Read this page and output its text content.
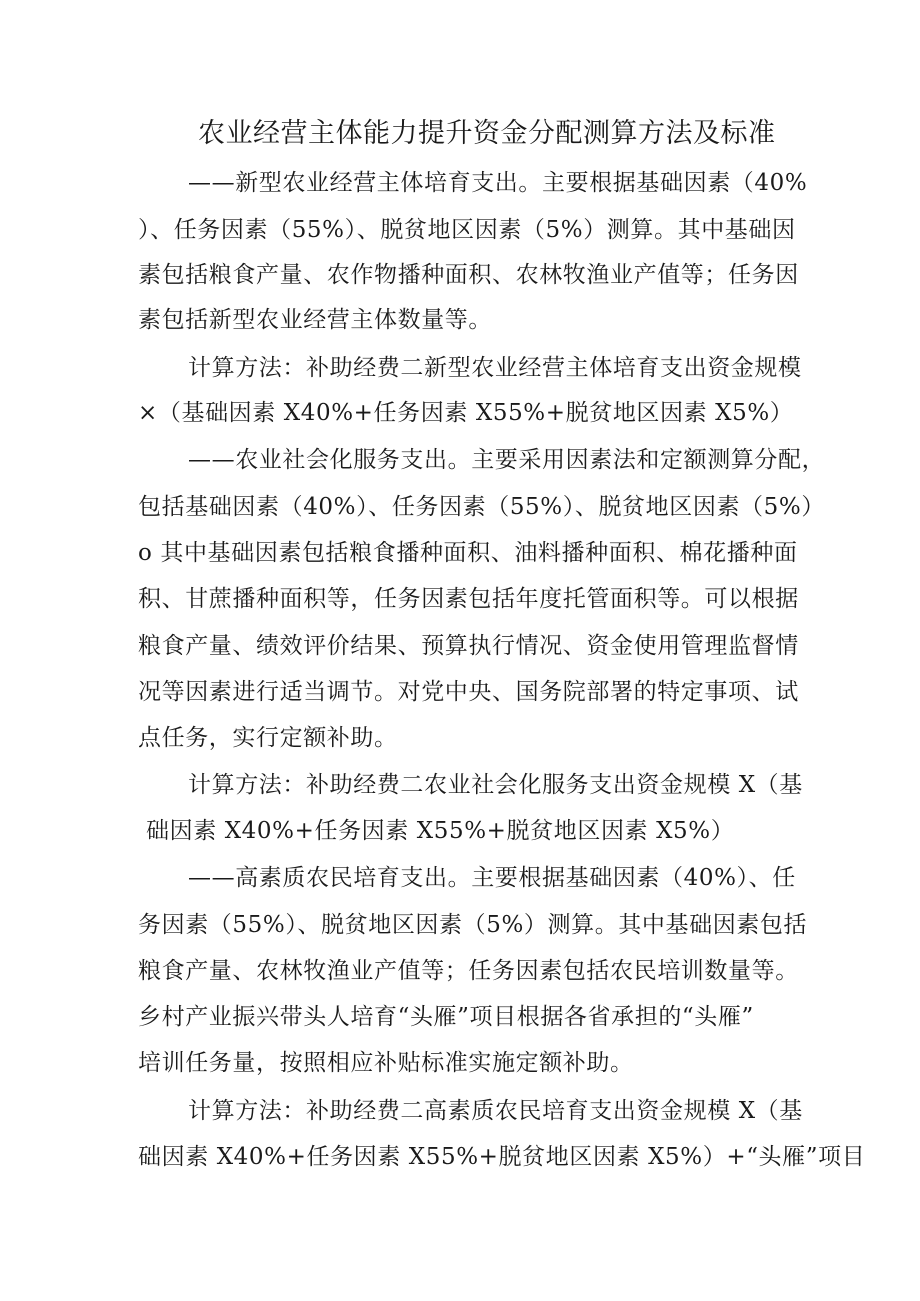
农业经营主体能力提升资金分配测算方法及标准
——新型农业经营主体培育支出。主要根据基础因素（40%
）、任务因素（55%）、脱贫地区因素（5%）测算。其中基础因
素包括粮食产量、农作物播种面积、农林牧渔业产值等；任务因
素包括新型农业经营主体数量等。
计算方法：补助经费二新型农业经营主体培育支出资金规模
×（基础因素 X40%+任务因素 X55%+脱贫地区因素 X5%）
——农业社会化服务支出。主要采用因素法和定额测算分配，
包括基础因素（40%）、任务因素（55%）、脱贫地区因素（5%）
o 其中基础因素包括粮食播种面积、油料播种面积、棉花播种面
积、甘蔗播种面积等，任务因素包括年度托管面积等。可以根据
粮食产量、绩效评价结果、预算执行情况、资金使用管理监督情
况等因素进行适当调节。对党中央、国务院部署的特定事项、试
点任务，实行定额补助。
计算方法：补助经费二农业社会化服务支出资金规模 X（基
础因素 X40%+任务因素 X55%+脱贫地区因素 X5%）
——高素质农民培育支出。主要根据基础因素（40%）、任
务因素（55%）、脱贫地区因素（5%）测算。其中基础因素包括
粮食产量、农林牧渔业产值等；任务因素包括农民培训数量等。
乡村产业振兴带头人培育“头雁”项目根据各省承担的“头雁”
培训任务量，按照相应补贴标准实施定额补助。
计算方法：补助经费二高素质农民培育支出资金规模 X（基
础因素 X40%+任务因素 X55%+脱贫地区因素 X5%）+“头雁”项目
